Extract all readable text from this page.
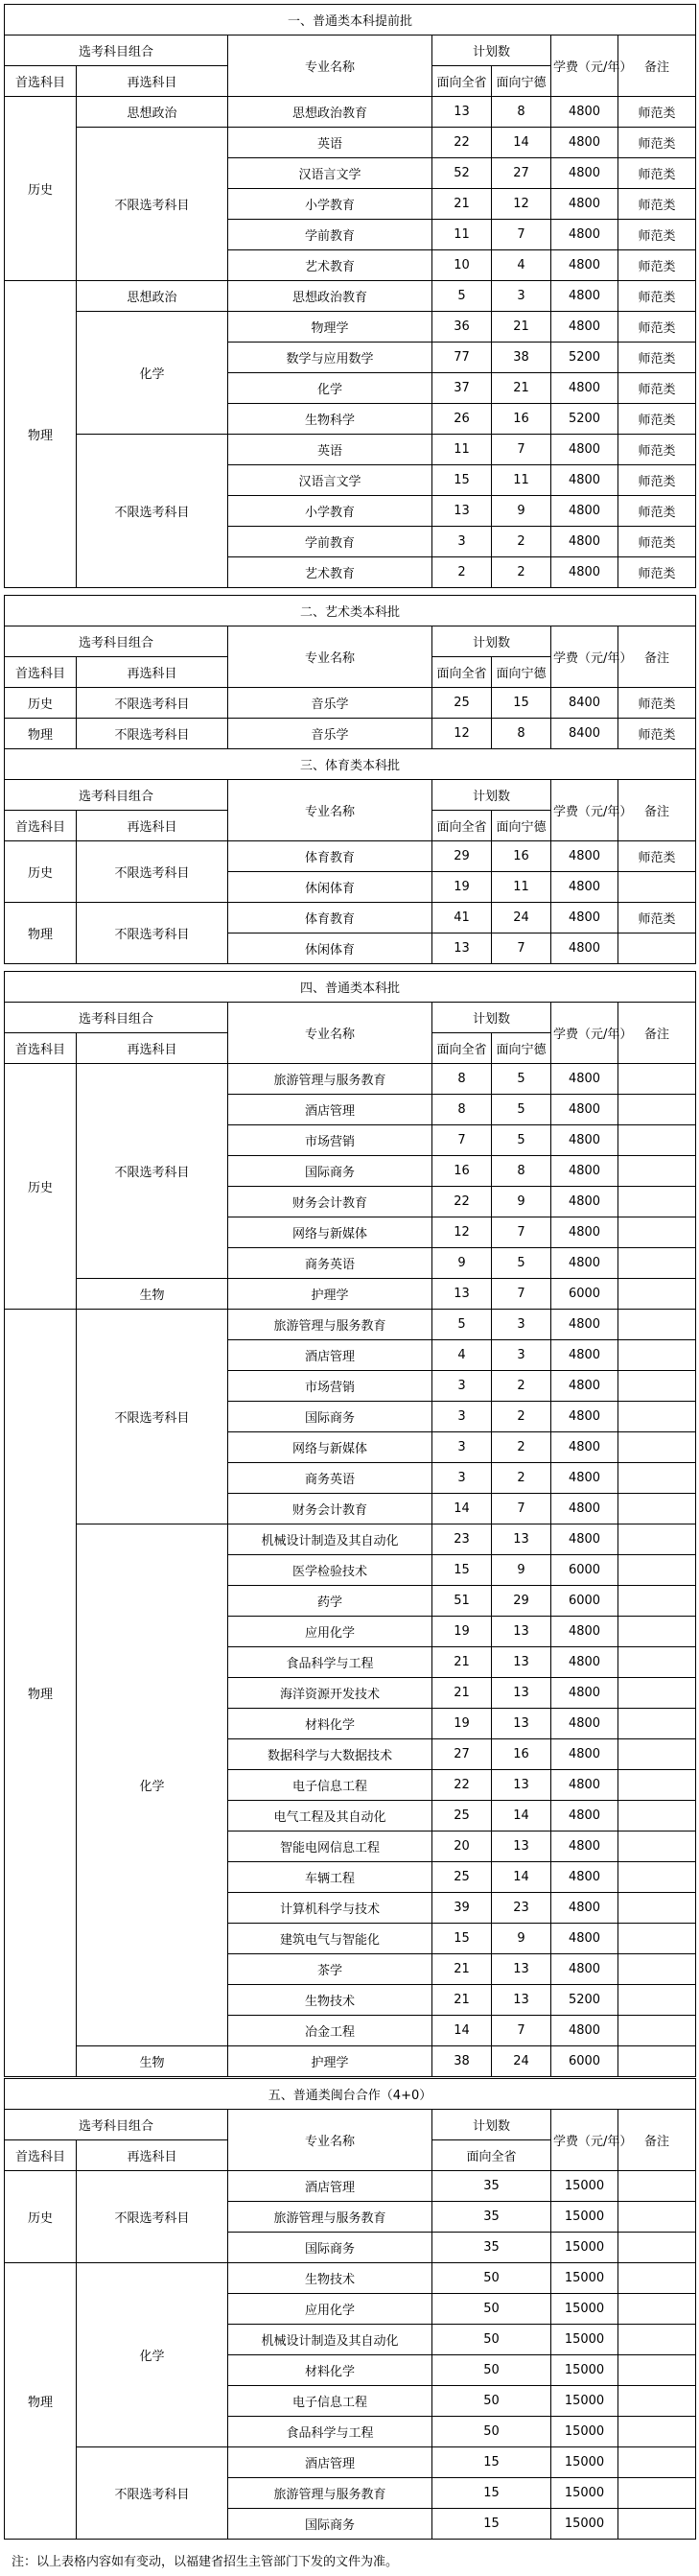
一、普通类本科提前批						
选考科目组合		专业名称	计划数		学费（元/年）	备注
首选科目	再选科目		面向全省	面向宁德		
历史	思想政治	思想政治教育	13	8	4800	师范类
	不限选考科目	英语	22	14	4800	师范类
		汉语言文学	52	27	4800	师范类
		小学教育	21	12	4800	师范类
		学前教育	11	7	4800	师范类
		艺术教育	10	4	4800	师范类
物理	思想政治	思想政治教育	5	3	4800	师范类
	化学	物理学	36	21	4800	师范类
		数学与应用数学	77	38	5200	师范类
		化学	37	21	4800	师范类
		生物科学	26	16	5200	师范类
	不限选考科目	英语	11	7	4800	师范类
		汉语言文学	15	11	4800	师范类
		小学教育	13	9	4800	师范类
		学前教育	3	2	4800	师范类
		艺术教育	2	2	4800	师范类
二、艺术类本科批						
选考科目组合		专业名称	计划数		学费（元/年）	备注
首选科目	再选科目		面向全省	面向宁德		
历史	不限选考科目	音乐学	25	15	8400	师范类
物理	不限选考科目	音乐学	12	8	8400	师范类
三、体育类本科批						
选考科目组合		专业名称	计划数		学费（元/年）	备注
首选科目	再选科目		面向全省	面向宁德		
历史	不限选考科目	体育教育	29	16	4800	师范类
		休闲体育	19	11	4800	
物理	不限选考科目	体育教育	41	24	4800	师范类
		休闲体育	13	7	4800	
四、普通类本科批						
选考科目组合		专业名称	计划数		学费（元/年）	备注
首选科目	再选科目		面向全省	面向宁德		
历史	不限选考科目	旅游管理与服务教育	8	5	4800	
		酒店管理	8	5	4800	
		市场营销	7	5	4800	
		国际商务	16	8	4800	
		财务会计教育	22	9	4800	
		网络与新媒体	12	7	4800	
		商务英语	9	5	4800	
	生物	护理学	13	7	6000	
物理	不限选考科目	旅游管理与服务教育	5	3	4800	
		酒店管理	4	3	4800	
		市场营销	3	2	4800	
		国际商务	3	2	4800	
		网络与新媒体	3	2	4800	
		商务英语	3	2	4800	
		财务会计教育	14	7	4800	
	化学	机械设计制造及其自动化	23	13	4800	
		医学检验技术	15	9	6000	
		药学	51	29	6000	
		应用化学	19	13	4800	
		食品科学与工程	21	13	4800	
		海洋资源开发技术	21	13	4800	
		材料化学	19	13	4800	
		数据科学与大数据技术	27	16	4800	
		电子信息工程	22	13	4800	
		电气工程及其自动化	25	14	4800	
		智能电网信息工程	20	13	4800	
		车辆工程	25	14	4800	
		计算机科学与技术	39	23	4800	
		建筑电气与智能化	15	9	4800	
		茶学	21	13	4800	
		生物技术	21	13	5200	
		冶金工程	14	7	4800	
	生物	护理学	38	24	6000	
五、普通类闽台合作（4+0）					
选考科目组合		专业名称	计划数	学费（元/年）	备注
首选科目	再选科目		面向全省		
历史	不限选考科目	酒店管理	35	15000	
		旅游管理与服务教育	35	15000	
		国际商务	35	15000	
物理	化学	生物技术	50	15000	
		应用化学	50	15000	
		机械设计制造及其自动化	50	15000	
		材料化学	50	15000	
		电子信息工程	50	15000	
		食品科学与工程	50	15000	
	不限选考科目	酒店管理	15	15000	
		旅游管理与服务教育	15	15000	
		国际商务	15	15000	
注：以上表格内容如有变动，以福建省招生主管部门下发的文件为准。
